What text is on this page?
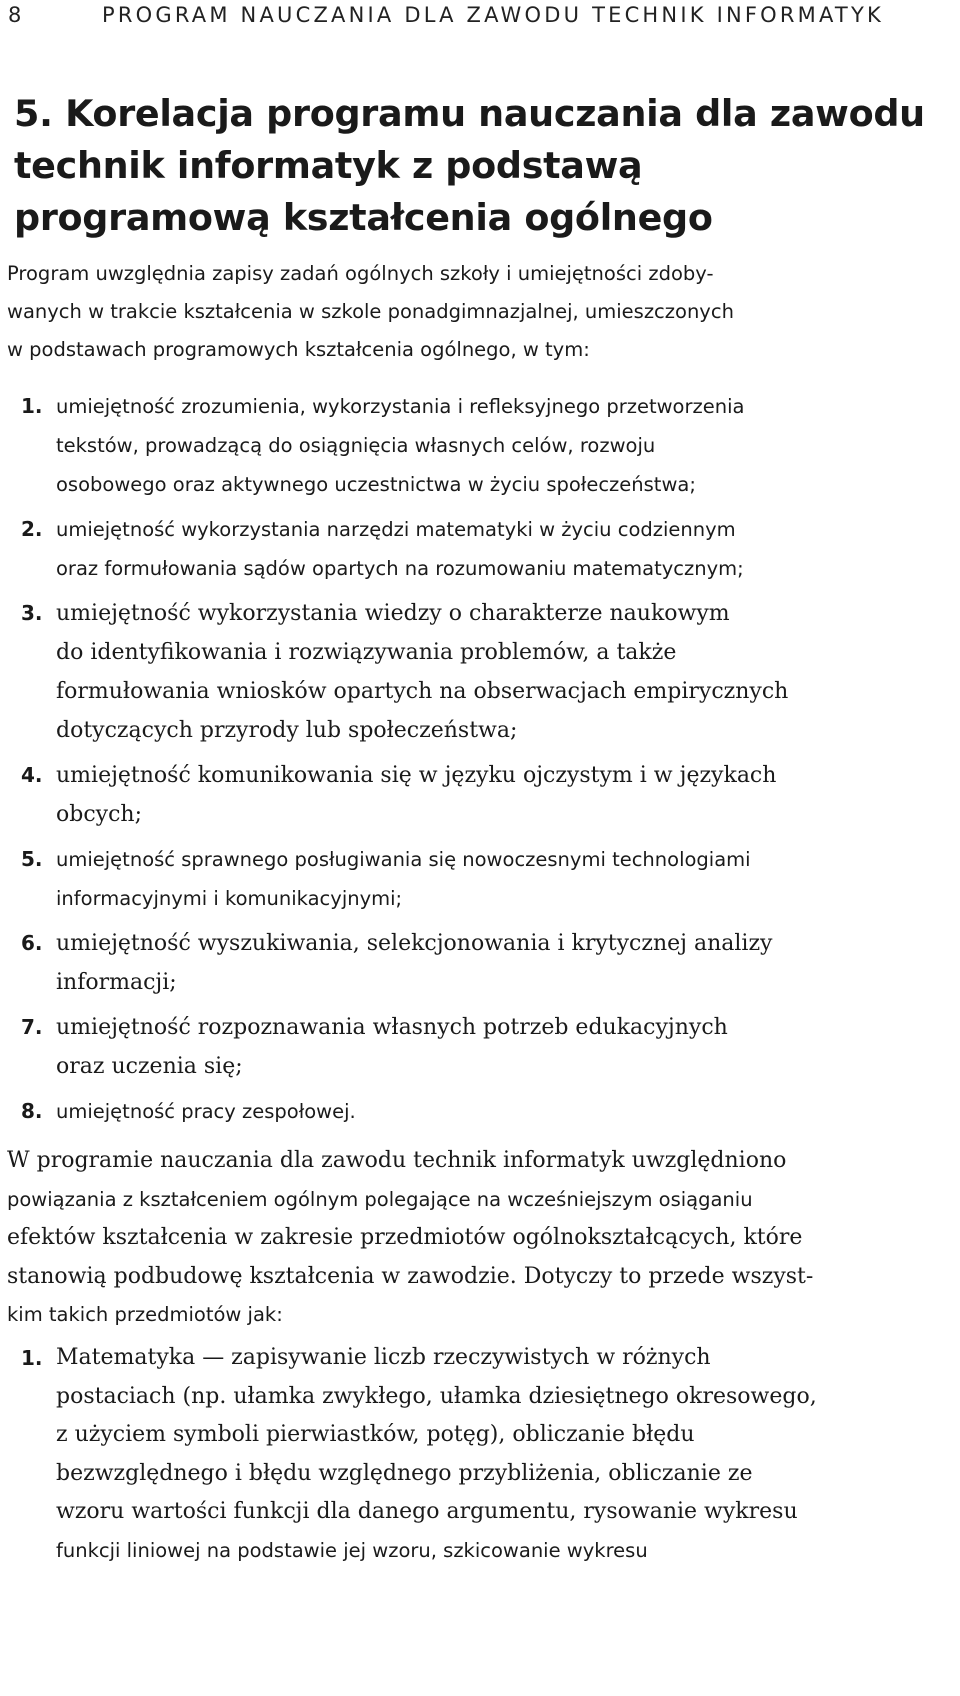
8	PROGRAM NAUCZANIA DLA ZAWODU TECHNIK INFORMATYK
5. Korelacja programu nauczania dla zawodu
technik informatyk z podstawą
programową kształcenia ogólnego
Program uwzględnia zapisy zadań ogólnych szkoły i umiejętności zdoby-
wanych w trakcie kształcenia w szkole ponadgimnazjalnej, umieszczonych
w podstawach programowych kształcenia ogólnego, w tym:
1. umiejętność zrozumienia, wykorzystania i refleksyjnego przetworzenia
tekstów, prowadzącą do osiągnięcia własnych celów, rozwoju
osobowego oraz aktywnego uczestnictwa w życiu społeczeństwa;
2. umiejętność wykorzystania narzędzi matematyki w życiu codziennym
oraz formułowania sądów opartych na rozumowaniu matematycznym;
3. umiejętność wykorzystania wiedzy o charakterze naukowym
do identyfikowania i rozwiązywania problemów, a także
formułowania wniosków opartych na obserwacjach empirycznych
dotyczących przyrody lub społeczeństwa;
4. umiejętność komunikowania się w języku ojczystym i w językach
obcych;
5. umiejętność sprawnego posługiwania się nowoczesnymi technologiami
informacyjnymi i komunikacyjnymi;
6. umiejętność wyszukiwania, selekcjonowania i krytycznej analizy
informacji;
7. umiejętność rozpoznawania własnych potrzeb edukacyjnych
oraz uczenia się;
8. umiejętność pracy zespołowej.
W programie nauczania dla zawodu technik informatyk uwzględniono
powiązania z kształceniem ogólnym polegające na wcześniejszym osiąganiu
efektów kształcenia w zakresie przedmiotów ogólnokształcących, które
stanowią podbudowę kształcenia w zawodzie. Dotyczy to przede wszyst-
kim takich przedmiotów jak:
1. Matematyka — zapisywanie liczb rzeczywistych w różnych
postaciach (np. ułamka zwykłego, ułamka dziesiętnego okresowego,
z użyciem symboli pierwiastków, potęg), obliczanie błędu
bezwzględnego i błędu względnego przybliżenia, obliczanie ze
wzoru wartości funkcji dla danego argumentu, rysowanie wykresu
funkcji liniowej na podstawie jej wzoru, szkicowanie wykresu
